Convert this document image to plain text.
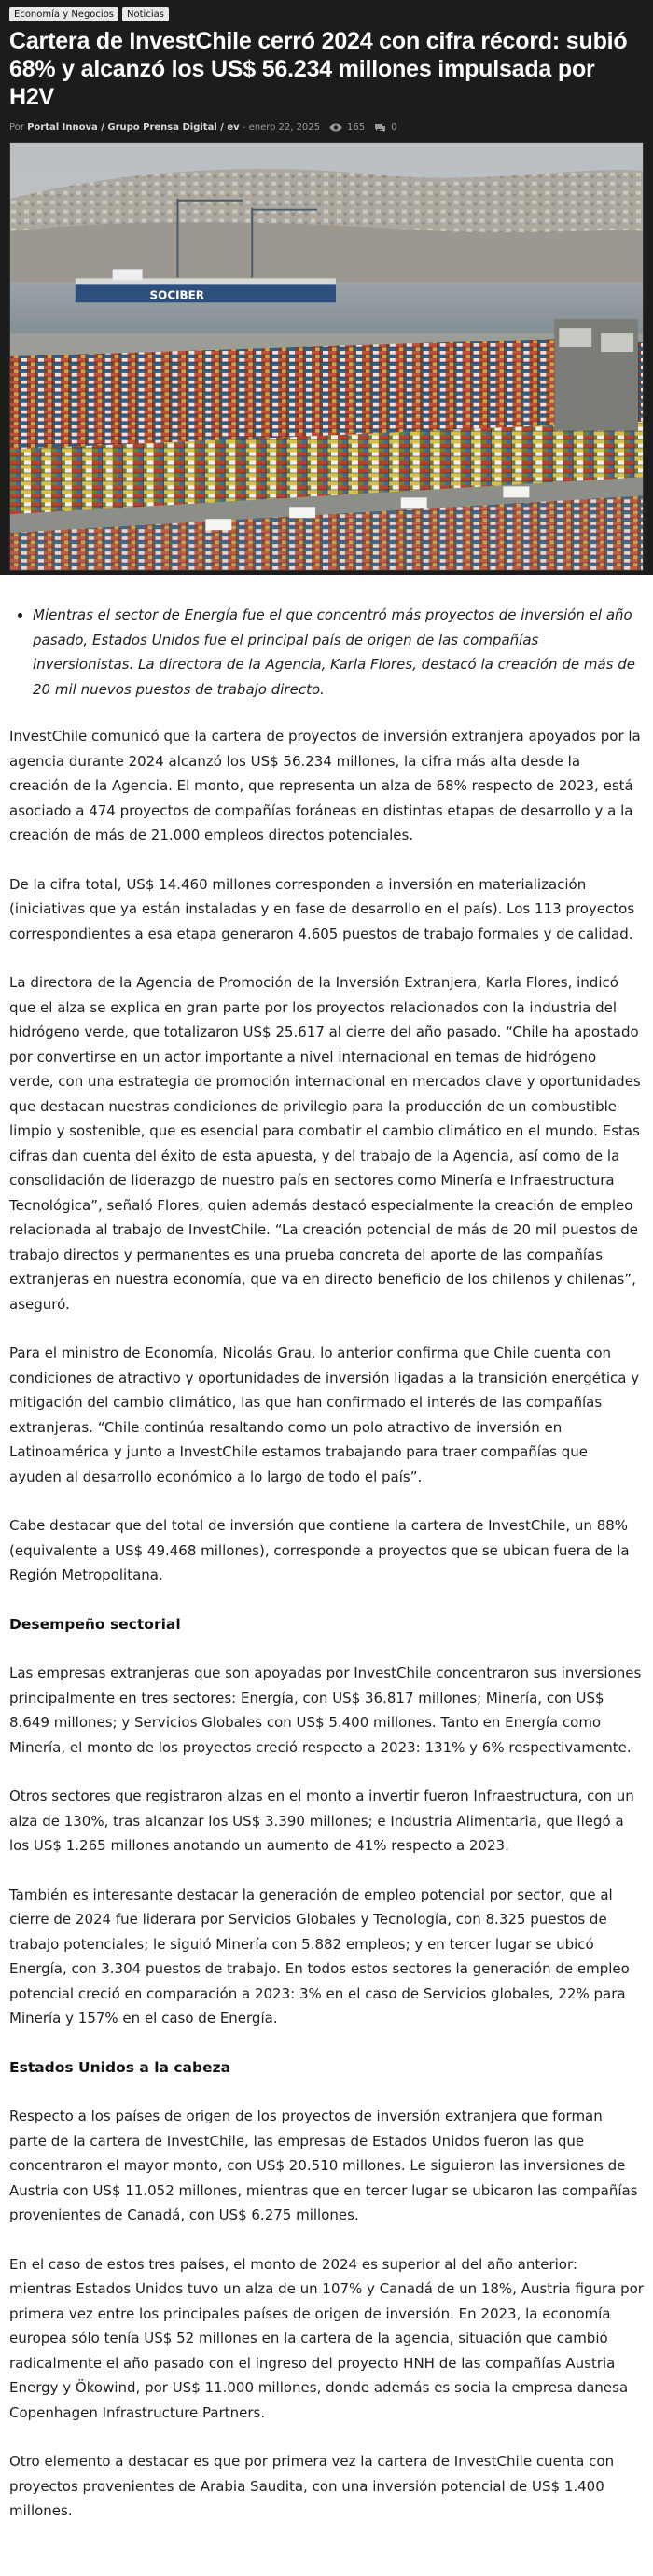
Economía y Negocios	Noticias
Cartera de InvestChile cerró 2024 con cifra récord: subió 68% y alcanzó los US$ 56.234 millones impulsada por H2V
Por Portal Innova / Grupo Prensa Digital / ev - enero 22, 2025	165	0
SOCIBER
• Mientras el sector de Energía fue el que concentró más proyectos de inversión el año pasado, Estados Unidos fue el principal país de origen de las compañías inversionistas. La directora de la Agencia, Karla Flores, destacó la creación de más de 20 mil nuevos puestos de trabajo directo.

InvestChile comunicó que la cartera de proyectos de inversión extranjera apoyados por la agencia durante 2024 alcanzó los US$ 56.234 millones, la cifra más alta desde la creación de la Agencia. El monto, que representa un alza de 68% respecto de 2023, está asociado a 474 proyectos de compañías foráneas en distintas etapas de desarrollo y a la creación de más de 21.000 empleos directos potenciales.

De la cifra total, US$ 14.460 millones corresponden a inversión en materialización (iniciativas que ya están instaladas y en fase de desarrollo en el país). Los 113 proyectos correspondientes a esa etapa generaron 4.605 puestos de trabajo formales y de calidad.

La directora de la Agencia de Promoción de la Inversión Extranjera, Karla Flores, indicó que el alza se explica en gran parte por los proyectos relacionados con la industria del hidrógeno verde, que totalizaron US$ 25.617 al cierre del año pasado. “Chile ha apostado por convertirse en un actor importante a nivel internacional en temas de hidrógeno verde, con una estrategia de promoción internacional en mercados clave y oportunidades que destacan nuestras condiciones de privilegio para la producción de un combustible limpio y sostenible, que es esencial para combatir el cambio climático en el mundo. Estas cifras dan cuenta del éxito de esta apuesta, y del trabajo de la Agencia, así como de la consolidación de liderazgo de nuestro país en sectores como Minería e Infraestructura Tecnológica”, señaló Flores, quien además destacó especialmente la creación de empleo relacionada al trabajo de InvestChile. “La creación potencial de más de 20 mil puestos de trabajo directos y permanentes es una prueba concreta del aporte de las compañías extranjeras en nuestra economía, que va en directo beneficio de los chilenos y chilenas”, aseguró.

Para el ministro de Economía, Nicolás Grau, lo anterior confirma que Chile cuenta con condiciones de atractivo y oportunidades de inversión ligadas a la transición energética y mitigación del cambio climático, las que han confirmado el interés de las compañías extranjeras. “Chile continúa resaltando como un polo atractivo de inversión en Latinoamérica y junto a InvestChile estamos trabajando para traer compañías que ayuden al desarrollo económico a lo largo de todo el país”.

Cabe destacar que del total de inversión que contiene la cartera de InvestChile, un 88% (equivalente a US$ 49.468 millones), corresponde a proyectos que se ubican fuera de la Región Metropolitana.

Desempeño sectorial

Las empresas extranjeras que son apoyadas por InvestChile concentraron sus inversiones principalmente en tres sectores: Energía, con US$ 36.817 millones; Minería, con US$ 8.649 millones; y Servicios Globales con US$ 5.400 millones. Tanto en Energía como Minería, el monto de los proyectos creció respecto a 2023: 131% y 6% respectivamente.

Otros sectores que registraron alzas en el monto a invertir fueron Infraestructura, con un alza de 130%, tras alcanzar los US$ 3.390 millones; e Industria Alimentaria, que llegó a los US$ 1.265 millones anotando un aumento de 41% respecto a 2023.

También es interesante destacar la generación de empleo potencial por sector, que al cierre de 2024 fue liderara por Servicios Globales y Tecnología, con 8.325 puestos de trabajo potenciales; le siguió Minería con 5.882 empleos; y en tercer lugar se ubicó Energía, con 3.304 puestos de trabajo. En todos estos sectores la generación de empleo potencial creció en comparación a 2023: 3% en el caso de Servicios globales, 22% para Minería y 157% en el caso de Energía.

Estados Unidos a la cabeza

Respecto a los países de origen de los proyectos de inversión extranjera que forman parte de la cartera de InvestChile, las empresas de Estados Unidos fueron las que concentraron el mayor monto, con US$ 20.510 millones. Le siguieron las inversiones de Austria con US$ 11.052 millones, mientras que en tercer lugar se ubicaron las compañías provenientes de Canadá, con US$ 6.275 millones.

En el caso de estos tres países, el monto de 2024 es superior al del año anterior: mientras Estados Unidos tuvo un alza de un 107% y Canadá de un 18%, Austria figura por primera vez entre los principales países de origen de inversión. En 2023, la economía europea sólo tenía US$ 52 millones en la cartera de la agencia, situación que cambió radicalmente el año pasado con el ingreso del proyecto HNH de las compañías Austria Energy y Ökowind, por US$ 11.000 millones, donde además es socia la empresa danesa Copenhagen Infrastructure Partners.

Otro elemento a destacar es que por primera vez la cartera de InvestChile cuenta con proyectos provenientes de Arabia Saudita, con una inversión potencial de US$ 1.400 millones.
